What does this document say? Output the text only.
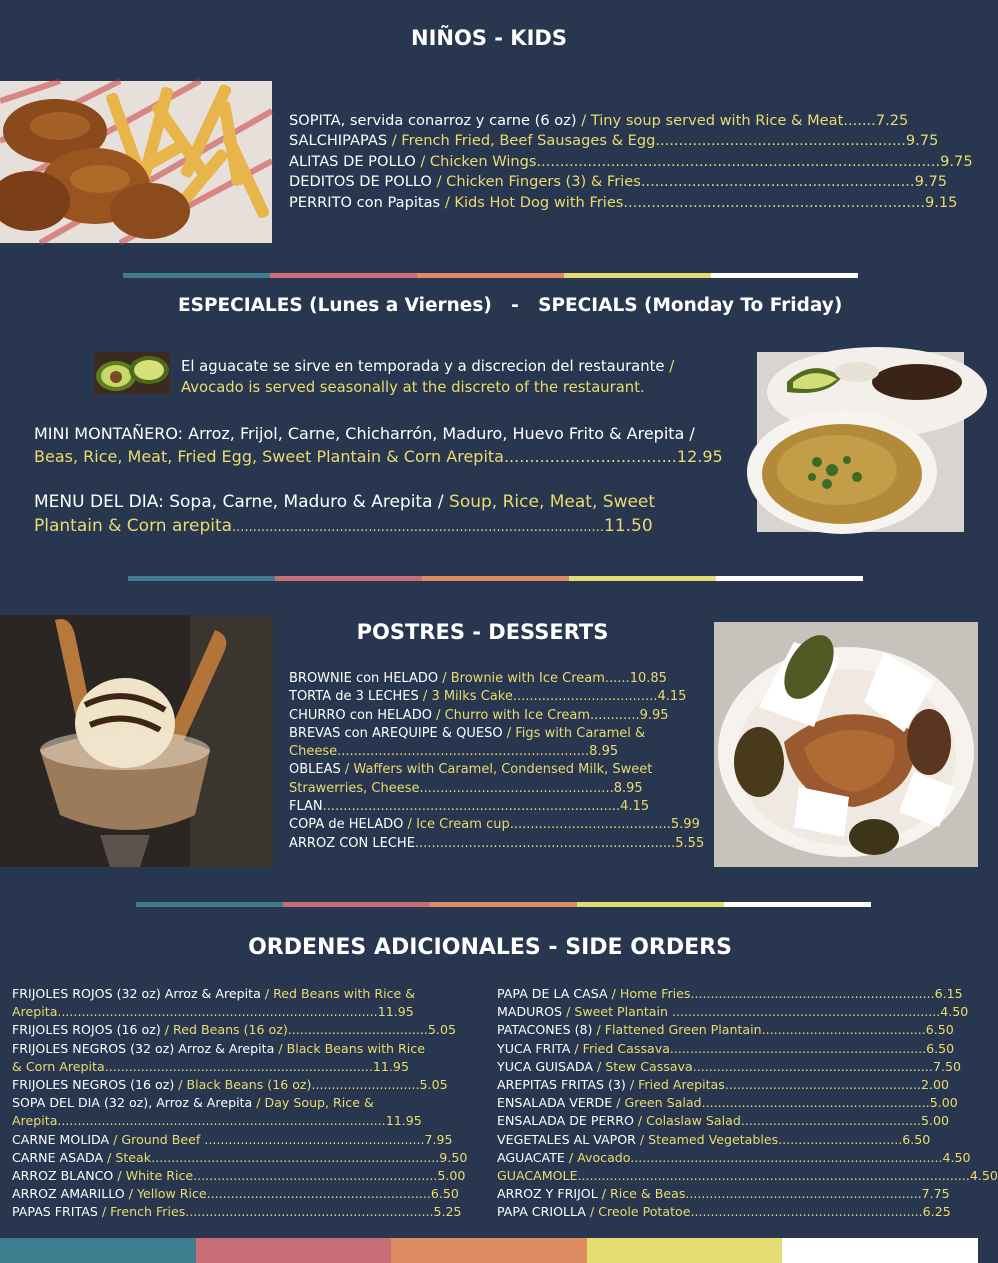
NIÑOS - KIDS
SOPITA, servida conarroz y carne (6 oz) / Tiny soup served with Rice & Meat.......7.25
SALCHIPAPAS / French Fried, Beef Sausages & Egg......................................................9.75
ALITAS DE POLLO / Chicken Wings.......................................................................................9.75
DEDITOS DE POLLO / Chicken Fingers (3) & Fries...........................................................9.75
PERRITO con Papitas / Kids Hot Dog with Fries.................................................................9.15
ESPECIALES (Lunes a Viernes)   -   SPECIALS (Monday To Friday)
El aguacate se sirve en temporada y a discrecion del restaurante /
Avocado is served seasonally at the discreto of the restaurant.
MINI MONTAÑERO: Arroz, Frijol, Carne, Chicharrón, Maduro, Huevo Frito & Arepita /
Beas, Rice, Meat, Fried Egg, Sweet Plantain & Corn Arepita..................................12.95
MENU DEL DIA: Sopa, Carne, Maduro & Arepita / Soup, Rice, Meat, Sweet
Plantain & Corn arepita..........................................................................................11.50
POSTRES - DESSERTS
BROWNIE con HELADO / Brownie with Ice Cream......10.85
TORTA de 3 LECHES / 3 Milks Cake...................................4.15
CHURRO con HELADO / Churro with Ice Cream............9.95
BREVAS con AREQUIPE & QUESO / Figs with Caramel &
Cheese.............................................................8.95
OBLEAS / Waffers with Caramel, Condensed Milk, Sweet
Strawerries, Cheese...............................................8.95
FLAN........................................................................4.15
COPA de HELADO / Ice Cream cup.......................................5.99
ARROZ CON LECHE...............................................................5.55
ORDENES ADICIONALES - SIDE ORDERS
FRIJOLES ROJOS (32 oz) Arroz & Arepita / Red Beans with Rice &
Arepita................................................................................11.95
FRIJOLES ROJOS (16 oz) / Red Beans (16 oz)...................................5.05
FRIJOLES NEGROS (32 oz) Arroz & Arepita / Black Beans with Rice
& Corn Arepita...................................................................11.95
FRIJOLES NEGROS (16 oz) / Black Beans (16 oz)...........................5.05
SOPA DEL DIA (32 oz), Arroz & Arepita / Day Soup, Rice &
Arepita..................................................................................11.95
CARNE MOLIDA / Ground Beef .......................................................7.95
CARNE ASADA / Steak........................................................................9.50
ARROZ BLANCO / White Rice.............................................................5.00
ARROZ AMARILLO / Yellow Rice........................................................6.50
PAPAS FRITAS / French Fries..............................................................5.25
PAPA DE LA CASA / Home Fries.............................................................6.15
MADUROS / Sweet Plantain ...................................................................4.50
PATACONES (8) / Flattened Green Plantain.........................................6.50
YUCA FRITA / Fried Cassava................................................................6.50
YUCA GUISADA / Stew Cassava............................................................7.50
AREPITAS FRITAS (3) / Fried Arepitas.................................................2.00
ENSALADA VERDE / Green Salad.........................................................5.00
ENSALADA DE PERRO / Colaslaw Salad.............................................5.00
VEGETALES AL VAPOR / Steamed Vegetables...............................6.50
AGUACATE / Avocado..............................................................................4.50
GUACAMOLE..................................................................................................4.50
ARROZ Y FRIJOL / Rice & Beas...........................................................7.75
PAPA CRIOLLA / Creole Potatoe..........................................................6.25
